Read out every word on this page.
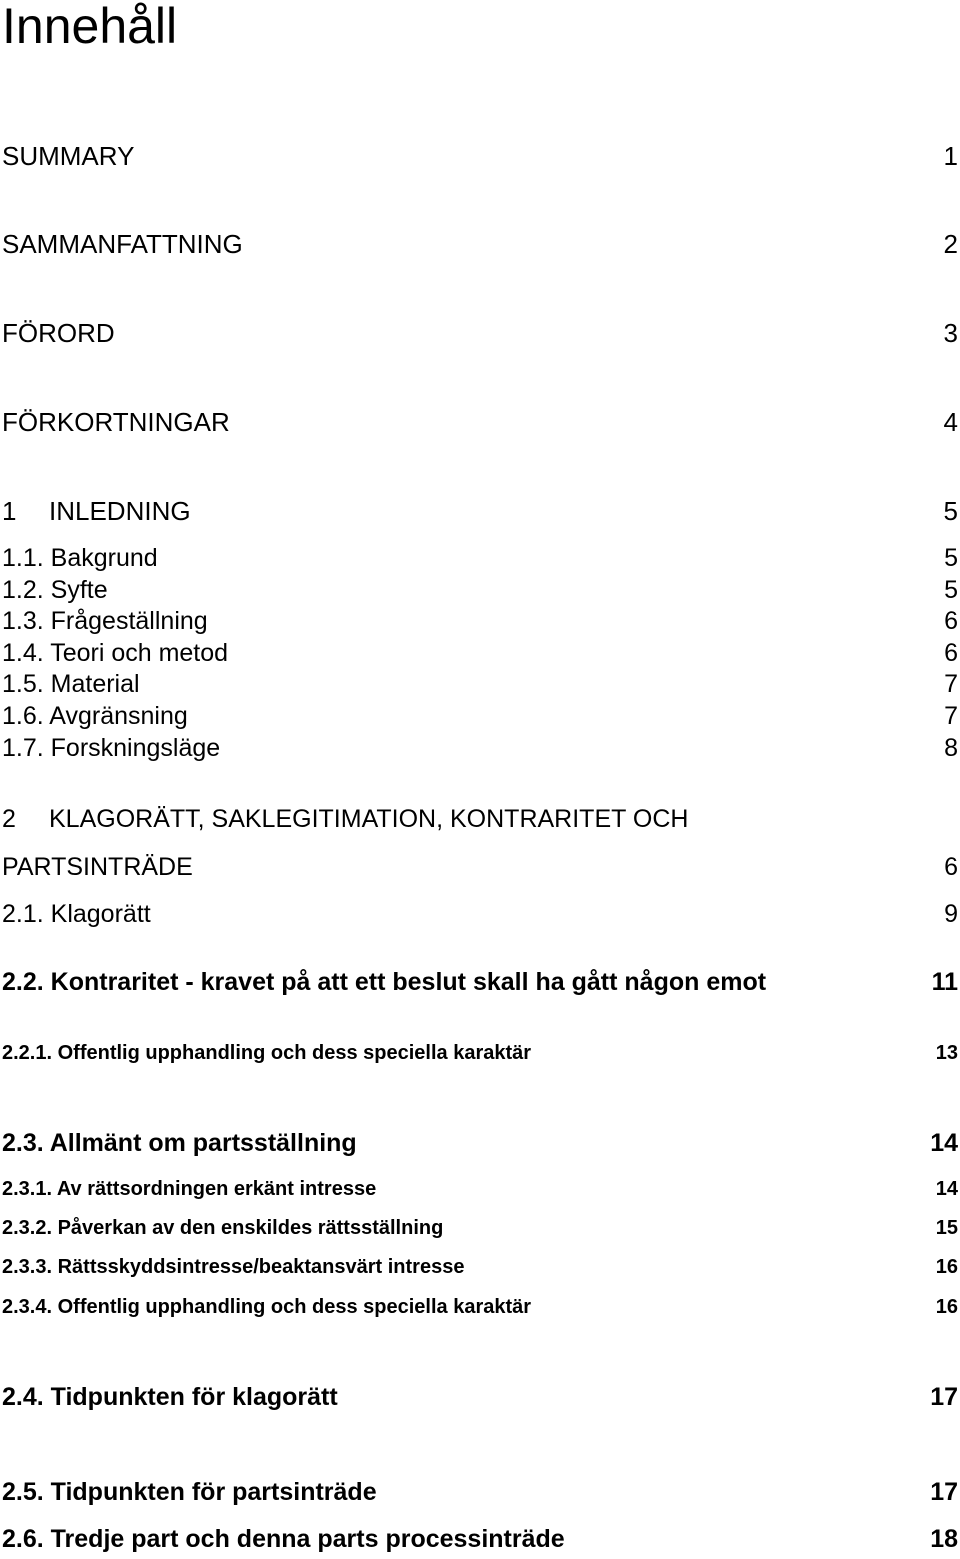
Innehåll
SUMMARY	1
SAMMANFATTNING	2
FÖRORD	3
FÖRKORTNINGAR	4
1 INLEDNING	5
1.1. Bakgrund	5
1.2. Syfte	5
1.3. Frågeställning	6
1.4. Teori och metod	6
1.5. Material	7
1.6. Avgränsning	7
1.7. Forskningsläge	8
2 KLAGORÄTT, SAKLEGITIMATION, KONTRARITET OCH
PARTSINTRÄDE	6
2.1. Klagorätt	9
2.2. Kontraritet - kravet på att ett beslut skall ha gått någon emot	11
2.2.1. Offentlig upphandling och dess speciella karaktär	13
2.3. Allmänt om partsställning	14
2.3.1. Av rättsordningen erkänt intresse	14
2.3.2. Påverkan av den enskildes rättsställning	15
2.3.3. Rättsskyddsintresse/beaktansvärt intresse	16
2.3.4. Offentlig upphandling och dess speciella karaktär	16
2.4. Tidpunkten för klagorätt	17
2.5. Tidpunkten för partsinträde	17
2.6. Tredje part och denna parts processinträde	18
